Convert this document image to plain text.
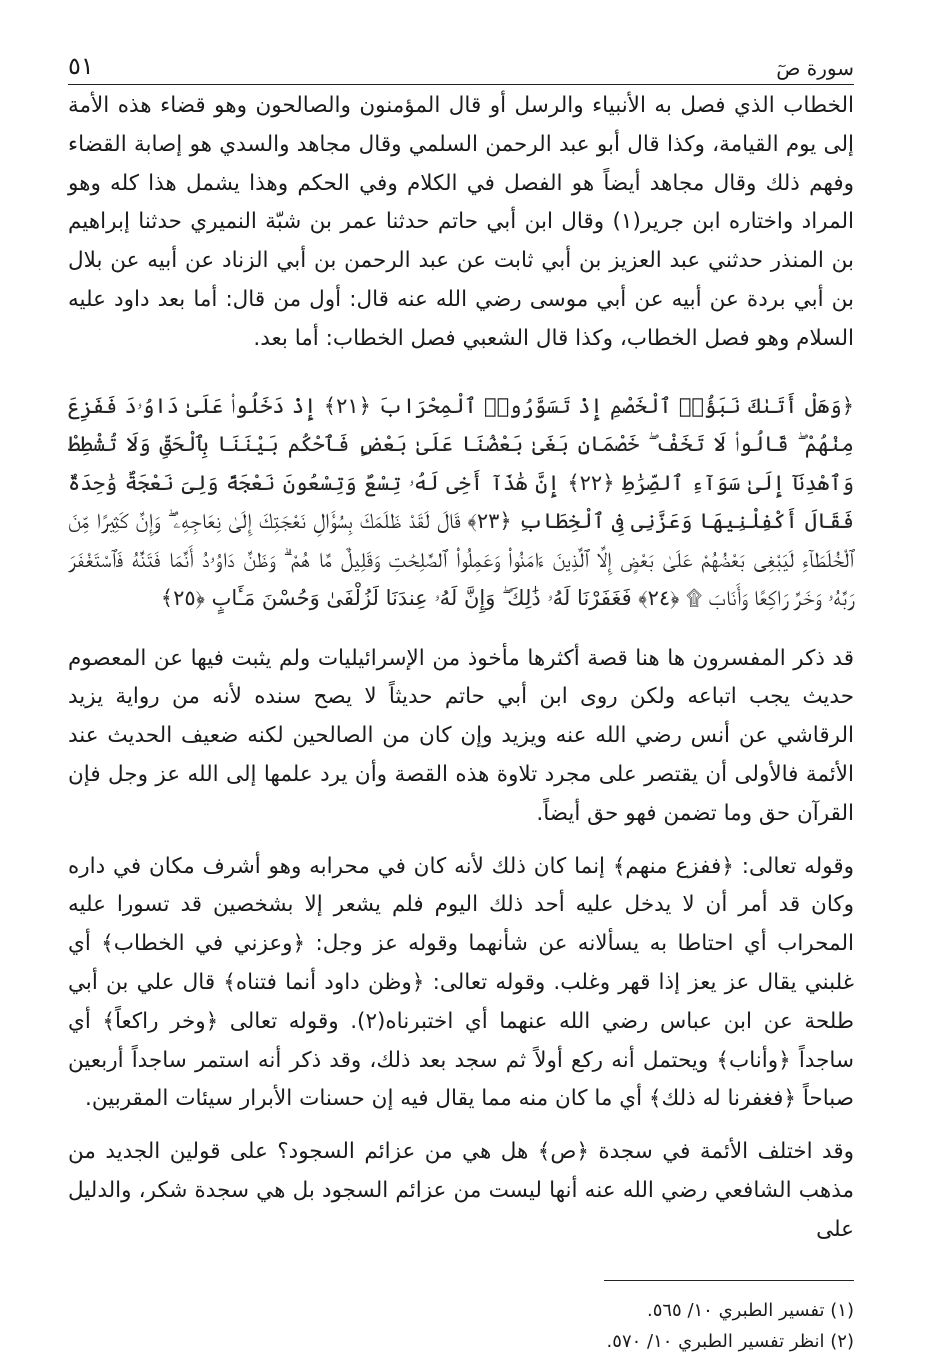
سورة صٓ
٥١

الخطاب الذي فصل به الأنبياء والرسل أو قال المؤمنون والصالحون وهو قضاء هذه الأمة إلى يوم القيامة، وكذا قال أبو عبد الرحمن السلمي وقال مجاهد والسدي هو إصابة القضاء وفهم ذلك وقال مجاهد أيضاً هو الفصل في الكلام وفي الحكم وهذا يشمل هذا كله وهو المراد واختاره ابن جرير(١) وقال ابن أبي حاتم حدثنا عمر بن شبّة النميري حدثنا إبراهيم بن المنذر حدثني عبد العزيز بن أبي ثابت عن عبد الرحمن بن أبي الزناد عن أبيه عن بلال بن أبي بردة عن أبيه عن أبي موسى رضي الله عنه قال: أول من قال: أما بعد داود عليه السلام وهو فصل الخطاب، وكذا قال الشعبي فصل الخطاب: أما بعد.

﴿وَهَلْ أَتَىٰكَ نَبَؤُا۟ ٱلْخَصْمِ إِذْ تَسَوَّرُوا۟ ٱلْمِحْرَابَ ﴿٢١﴾ إِذْ دَخَلُوا۟ عَلَىٰ دَاوُۥدَ فَفَزِعَ مِنْهُمْ ۖ قَالُوا۟ لَا تَخَفْ ۖ خَصْمَانِ بَغَىٰ بَعْضُنَا عَلَىٰ بَعْضٍ فَٱحْكُم بَيْنَنَا بِٱلْحَقِّ وَلَا تُشْطِطْ وَٱهْدِنَآ إِلَىٰ سَوَآءِ ٱلصِّرَٰطِ ﴿٢٢﴾ إِنَّ هَٰذَآ أَخِى لَهُۥ تِسْعٌ وَتِسْعُونَ نَعْجَةً وَلِىَ نَعْجَةٌ وَٰحِدَةٌ فَقَالَ أَكْفِلْنِيهَا وَعَزَّنِى فِى ٱلْخِطَابِ ﴿٢٣﴾ قَالَ لَقَدْ ظَلَمَكَ بِسُؤَالِ نَعْجَتِكَ إِلَىٰ نِعَاجِهِۦ ۖ وَإِنَّ كَثِيرًا مِّنَ ٱلْخُلَطَآءِ لَيَبْغِى بَعْضُهُمْ عَلَىٰ بَعْضٍ إِلَّا ٱلَّذِينَ ءَامَنُوا۟ وَعَمِلُوا۟ ٱلصَّٰلِحَٰتِ وَقَلِيلٌ مَّا هُمْ ۗ وَظَنَّ دَاوُۥدُ أَنَّمَا فَتَنَّٰهُ فَٱسْتَغْفَرَ رَبَّهُۥ وَخَرَّ رَاكِعًا وَأَنَابَ ۩ ﴿٢٤﴾ فَغَفَرْنَا لَهُۥ ذَٰلِكَ ۖ وَإِنَّ لَهُۥ عِندَنَا لَزُلْفَىٰ وَحُسْنَ مَـَٔابٍ ﴿٢٥﴾

قد ذكر المفسرون ها هنا قصة أكثرها مأخوذ من الإسرائيليات ولم يثبت فيها عن المعصوم حديث يجب اتباعه ولكن روى ابن أبي حاتم حديثاً لا يصح سنده لأنه من رواية يزيد الرقاشي عن أنس رضي الله عنه ويزيد وإن كان من الصالحين لكنه ضعيف الحديث عند الأئمة فالأولى أن يقتصر على مجرد تلاوة هذه القصة وأن يرد علمها إلى الله عز وجل فإن القرآن حق وما تضمن فهو حق أيضاً.

وقوله تعالى: ﴿ففزع منهم﴾ إنما كان ذلك لأنه كان في محرابه وهو أشرف مكان في داره وكان قد أمر أن لا يدخل عليه أحد ذلك اليوم فلم يشعر إلا بشخصين قد تسورا عليه المحراب أي احتاطا به يسألانه عن شأنهما وقوله عز وجل: ﴿وعزني في الخطاب﴾ أي غلبني يقال عز يعز إذا قهر وغلب. وقوله تعالى: ﴿وظن داود أنما فتناه﴾ قال علي بن أبي طلحة عن ابن عباس رضي الله عنهما أي اختبرناه(٢). وقوله تعالى ﴿وخر راكعاً﴾ أي ساجداً ﴿وأناب﴾ ويحتمل أنه ركع أولاً ثم سجد بعد ذلك، وقد ذكر أنه استمر ساجداً أربعين صباحاً ﴿فغفرنا له ذلك﴾ أي ما كان منه مما يقال فيه إن حسنات الأبرار سيئات المقربين.

وقد اختلف الأئمة في سجدة ﴿ص﴾ هل هي من عزائم السجود؟ على قولين الجديد من مذهب الشافعي رضي الله عنه أنها ليست من عزائم السجود بل هي سجدة شكر، والدليل على

(١) تفسير الطبري ١٠/ ٥٦٥.

(٢) انظر تفسير الطبري ١٠/ ٥٧٠.
